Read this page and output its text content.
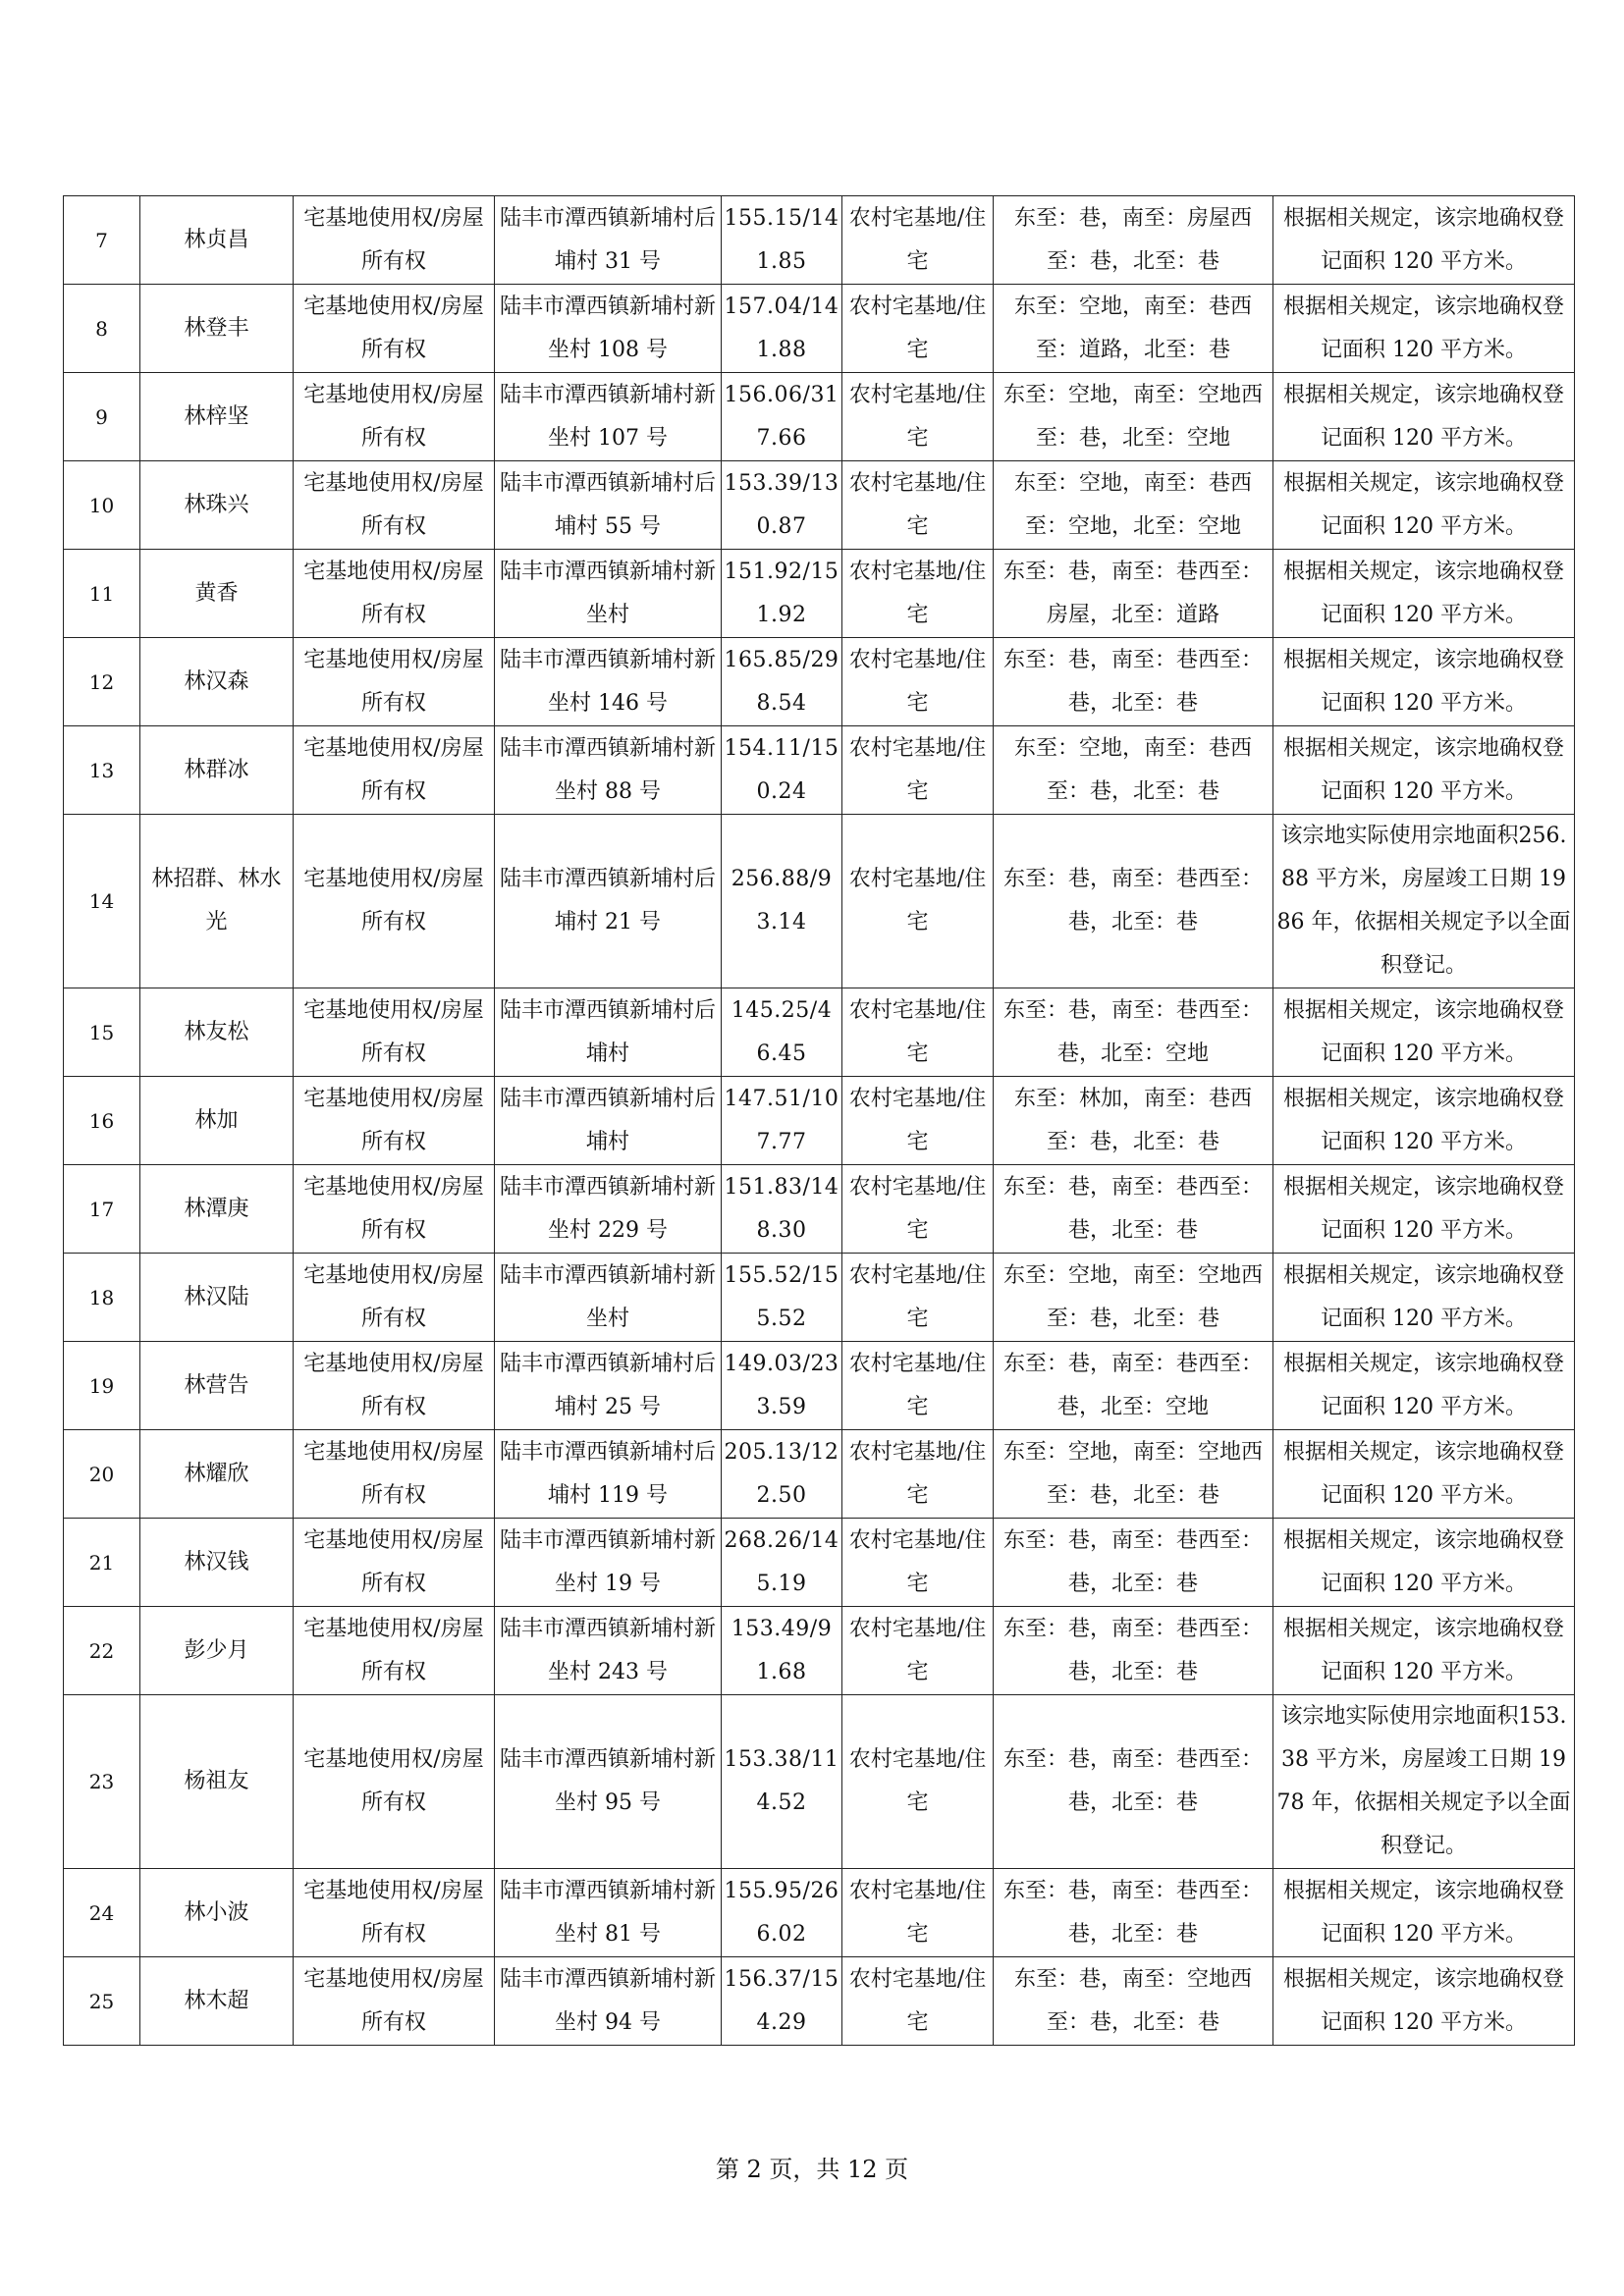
7	林贞昌	宅基地使用权/房屋所有权	陆丰市潭西镇新埔村后埔村 31 号	155.15/141.85	农村宅基地/住宅	东至：巷，南至：房屋西至：巷，北至：巷	根据相关规定，该宗地确权登记面积 120 平方米。
8	林登丰	宅基地使用权/房屋所有权	陆丰市潭西镇新埔村新坐村 108 号	157.04/141.88	农村宅基地/住宅	东至：空地，南至：巷西至：道路，北至：巷	根据相关规定，该宗地确权登记面积 120 平方米。
9	林梓坚	宅基地使用权/房屋所有权	陆丰市潭西镇新埔村新坐村 107 号	156.06/317.66	农村宅基地/住宅	东至：空地，南至：空地西至：巷，北至：空地	根据相关规定，该宗地确权登记面积 120 平方米。
10	林珠兴	宅基地使用权/房屋所有权	陆丰市潭西镇新埔村后埔村 55 号	153.39/130.87	农村宅基地/住宅	东至：空地，南至：巷西至：空地，北至：空地	根据相关规定，该宗地确权登记面积 120 平方米。
11	黄香	宅基地使用权/房屋所有权	陆丰市潭西镇新埔村新坐村	151.92/151.92	农村宅基地/住宅	东至：巷，南至：巷西至：房屋，北至：道路	根据相关规定，该宗地确权登记面积 120 平方米。
12	林汉森	宅基地使用权/房屋所有权	陆丰市潭西镇新埔村新坐村 146 号	165.85/298.54	农村宅基地/住宅	东至：巷，南至：巷西至：巷，北至：巷	根据相关规定，该宗地确权登记面积 120 平方米。
13	林群冰	宅基地使用权/房屋所有权	陆丰市潭西镇新埔村新坐村 88 号	154.11/150.24	农村宅基地/住宅	东至：空地，南至：巷西至：巷，北至：巷	根据相关规定，该宗地确权登记面积 120 平方米。
14	林招群、林水光	宅基地使用权/房屋所有权	陆丰市潭西镇新埔村后埔村 21 号	256.88/93.14	农村宅基地/住宅	东至：巷，南至：巷西至：巷，北至：巷	该宗地实际使用宗地面积256.88 平方米，房屋竣工日期 1986 年，依据相关规定予以全面积登记。
15	林友松	宅基地使用权/房屋所有权	陆丰市潭西镇新埔村后埔村	145.25/46.45	农村宅基地/住宅	东至：巷，南至：巷西至：巷，北至：空地	根据相关规定，该宗地确权登记面积 120 平方米。
16	林加	宅基地使用权/房屋所有权	陆丰市潭西镇新埔村后埔村	147.51/107.77	农村宅基地/住宅	东至：林加，南至：巷西至：巷，北至：巷	根据相关规定，该宗地确权登记面积 120 平方米。
17	林潭庚	宅基地使用权/房屋所有权	陆丰市潭西镇新埔村新坐村 229 号	151.83/148.30	农村宅基地/住宅	东至：巷，南至：巷西至：巷，北至：巷	根据相关规定，该宗地确权登记面积 120 平方米。
18	林汉陆	宅基地使用权/房屋所有权	陆丰市潭西镇新埔村新坐村	155.52/155.52	农村宅基地/住宅	东至：空地，南至：空地西至：巷，北至：巷	根据相关规定，该宗地确权登记面积 120 平方米。
19	林营告	宅基地使用权/房屋所有权	陆丰市潭西镇新埔村后埔村 25 号	149.03/233.59	农村宅基地/住宅	东至：巷，南至：巷西至：巷，北至：空地	根据相关规定，该宗地确权登记面积 120 平方米。
20	林耀欣	宅基地使用权/房屋所有权	陆丰市潭西镇新埔村后埔村 119 号	205.13/122.50	农村宅基地/住宅	东至：空地，南至：空地西至：巷，北至：巷	根据相关规定，该宗地确权登记面积 120 平方米。
21	林汉钱	宅基地使用权/房屋所有权	陆丰市潭西镇新埔村新坐村 19 号	268.26/145.19	农村宅基地/住宅	东至：巷，南至：巷西至：巷，北至：巷	根据相关规定，该宗地确权登记面积 120 平方米。
22	彭少月	宅基地使用权/房屋所有权	陆丰市潭西镇新埔村新坐村 243 号	153.49/91.68	农村宅基地/住宅	东至：巷，南至：巷西至：巷，北至：巷	根据相关规定，该宗地确权登记面积 120 平方米。
23	杨祖友	宅基地使用权/房屋所有权	陆丰市潭西镇新埔村新坐村 95 号	153.38/114.52	农村宅基地/住宅	东至：巷，南至：巷西至：巷，北至：巷	该宗地实际使用宗地面积153.38 平方米，房屋竣工日期 1978 年，依据相关规定予以全面积登记。
24	林小波	宅基地使用权/房屋所有权	陆丰市潭西镇新埔村新坐村 81 号	155.95/266.02	农村宅基地/住宅	东至：巷，南至：巷西至：巷，北至：巷	根据相关规定，该宗地确权登记面积 120 平方米。
25	林木超	宅基地使用权/房屋所有权	陆丰市潭西镇新埔村新坐村 94 号	156.37/154.29	农村宅基地/住宅	东至：巷，南至：空地西至：巷，北至：巷	根据相关规定，该宗地确权登记面积 120 平方米。
第 2 页，共 12 页
